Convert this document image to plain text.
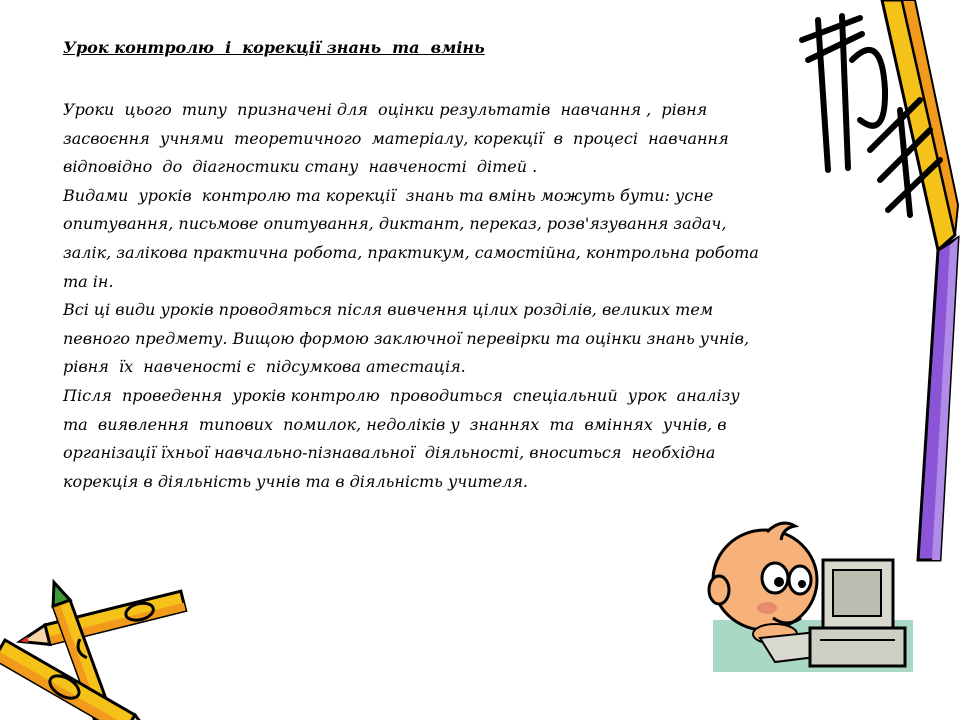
Урок контролю  і  корекції знань  та  вмінь

Уроки  цього  типу  призначені для  оцінки результатів  навчання ,  рівня
засвоєння  учнями  теоретичного  матеріалу, корекції  в  процесі  навчання
відповідно  до  діагностики стану  навченості  дітей .
Видами  уроків  контролю та корекції  знань та вмінь можуть бути: усне
опитування, письмове опитування, диктант, переказ, розв'язування задач,
залік, залікова практична робота, практикум, самостійна, контрольна робота
та ін.
Всі ці види уроків проводяться після вивчення цілих розділів, великих тем
певного предмету. Вищою формою заключної перевірки та оцінки знань учнів,
рівня  їх  навченості є  підсумкова атестація.
Після  проведення  уроків контролю  проводиться  спеціальний  урок  аналізу
та  виявлення  типових  помилок, недоліків у  знаннях  та  вміннях  учнів, в
організації їхньої навчально-пізнавальної  діяльності, вноситься  необхідна
корекція в діяльність учнів та в діяльність учителя.
